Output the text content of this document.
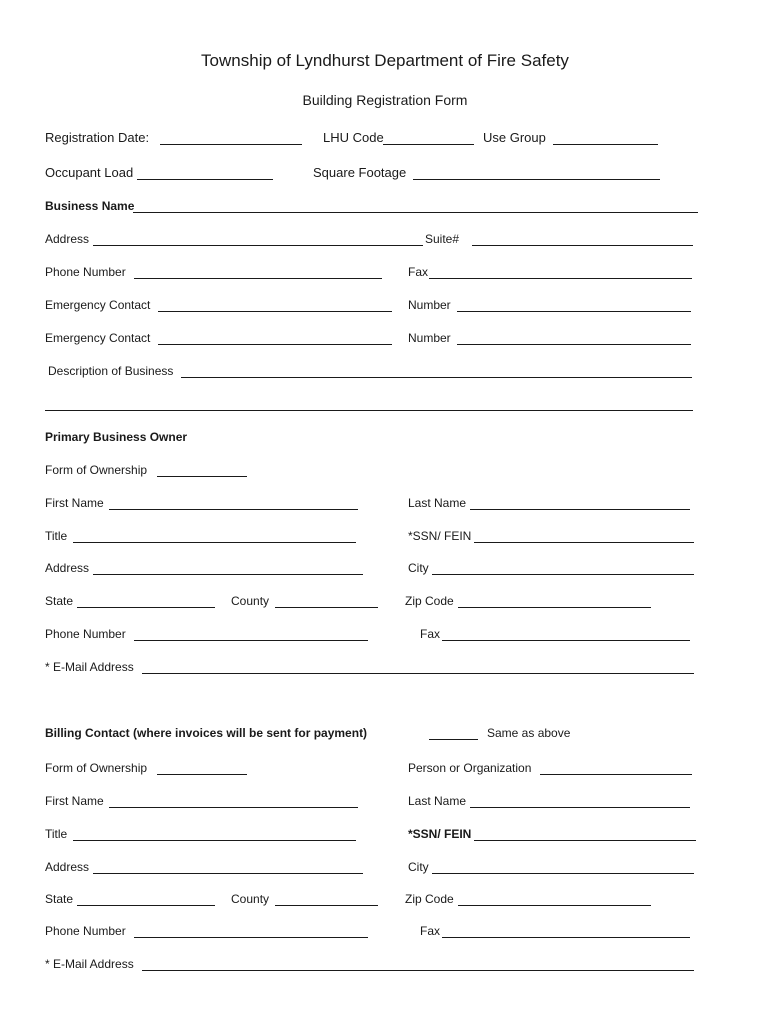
Township of Lyndhurst Department of Fire Safety
Building Registration Form
Registration Date:	LHU Code	Use Group
Occupant Load	Square Footage
Business Name
Address	Suite#
Phone Number	Fax
Emergency Contact	Number
Emergency Contact	Number
Description of Business
Primary Business Owner
Form of Ownership
First Name	Last Name
Title	*SSN/ FEIN
Address	City
State	County	Zip Code
Phone Number	Fax
* E-Mail Address
Billing Contact (where invoices will be sent for payment)	Same as above
Form of Ownership	Person or Organization
First Name	Last Name
Title	*SSN/ FEIN
Address	City
State	County	Zip Code
Phone Number	Fax
* E-Mail Address
